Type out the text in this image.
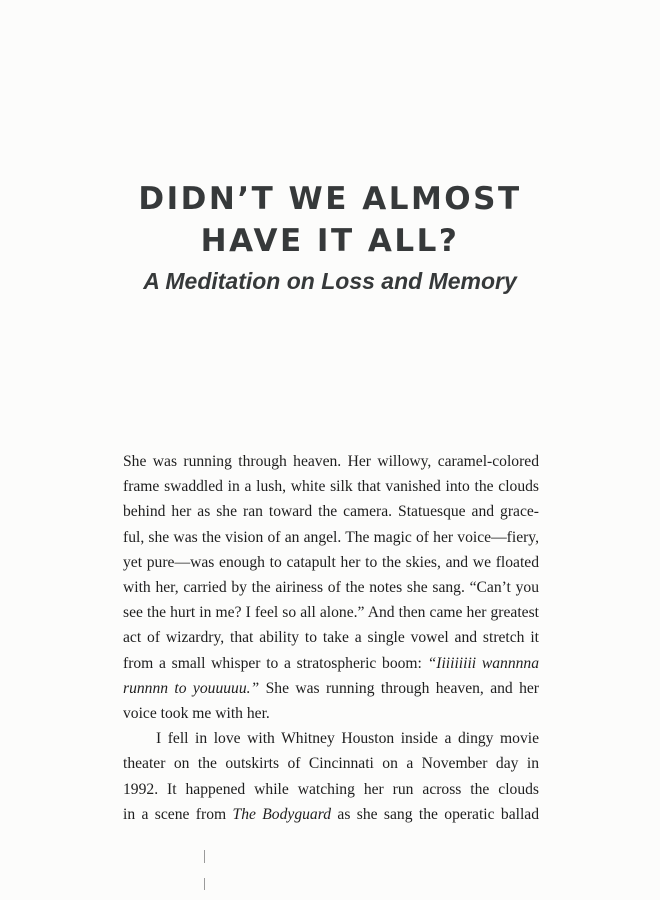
DIDN’T WE ALMOST
HAVE IT ALL?
A Meditation on Loss and Memory
She was running through heaven. Her willowy, caramel-colored
frame swaddled in a lush, white silk that vanished into the clouds
behind her as she ran toward the camera. Statuesque and grace-
ful, she was the vision of an angel. The magic of her voice—fiery,
yet pure—was enough to catapult her to the skies, and we floated
with her, carried by the airiness of the notes she sang. “Can’t you
see the hurt in me? I feel so all alone.” And then came her greatest
act of wizardry, that ability to take a single vowel and stretch it
from a small whisper to a stratospheric boom: “Iiiiiiiii wannnna
runnnn to youuuuu.” She was running through heaven, and her
voice took me with her.
I fell in love with Whitney Houston inside a dingy movie
theater on the outskirts of Cincinnati on a November day in
1992. It happened while watching her run across the clouds
in a scene from The Bodyguard as she sang the operatic ballad
